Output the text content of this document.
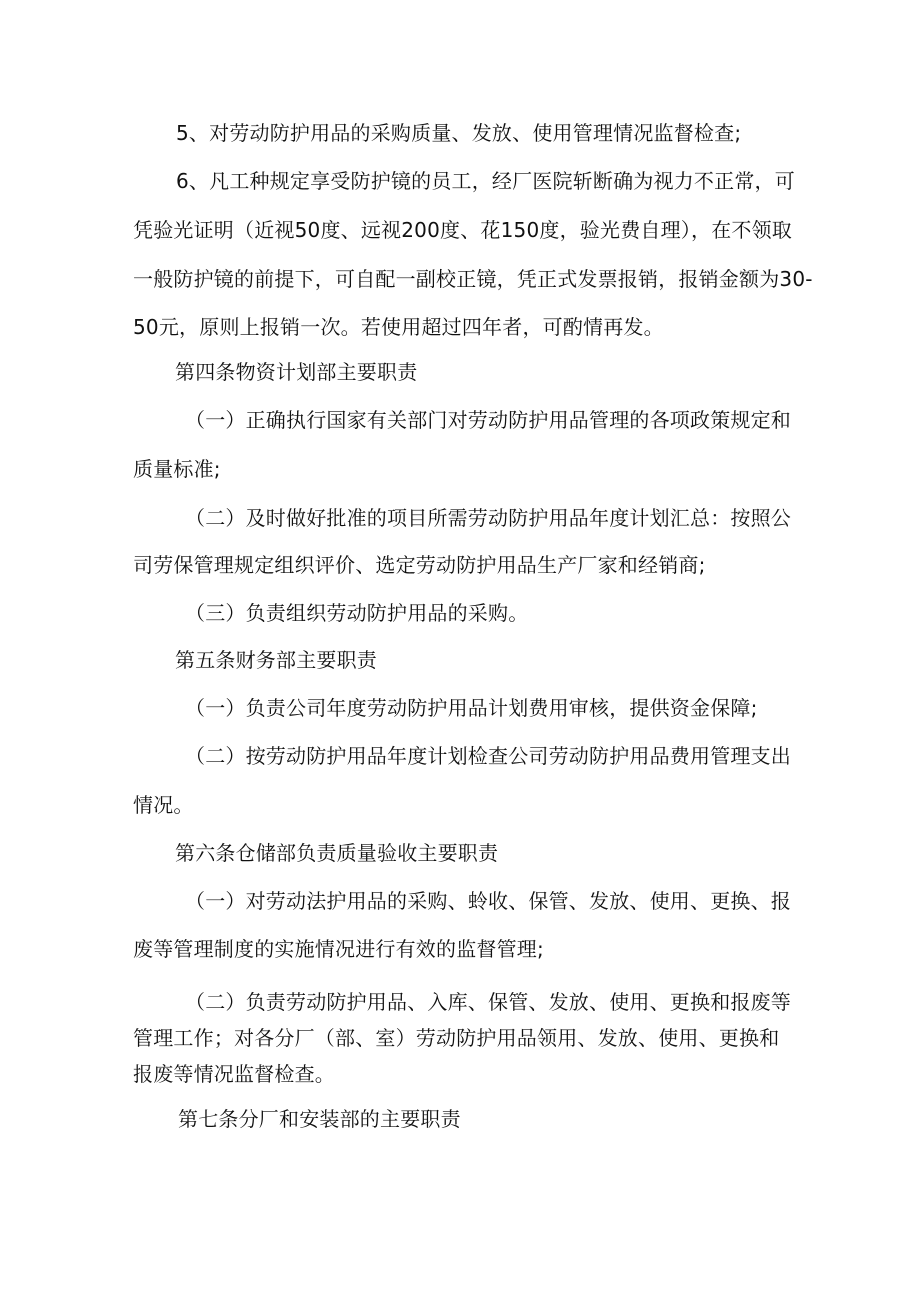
5、对劳动防护用品的采购质量、发放、使用管理情况监督检查;
6、凡工种规定享受防护镜的员工，经厂医院斩断确为视力不正常，可
凭验光证明（近视50度、远视200度、花150度，验光费自理），在不领取
一般防护镜的前提下，可自配一副校正镜，凭正式发票报销，报销金额为30-
50元，原则上报销一次。若使用超过四年者，可酌情再发。
第四条物资计划部主要职责
（一）正确执行国家有关部门对劳动防护用品管理的各项政策规定和
质量标准;
（二）及时做好批准的项目所需劳动防护用品年度计划汇总：按照公
司劳保管理规定组织评价、选定劳动防护用品生产厂家和经销商;
（三）负责组织劳动防护用品的采购。
第五条财务部主要职责
（一）负责公司年度劳动防护用品计划费用审核，提供资金保障;
（二）按劳动防护用品年度计划检查公司劳动防护用品费用管理支出
情况。
第六条仓储部负责质量验收主要职责
（一）对劳动法护用品的采购、蛉收、保管、发放、使用、更换、报
废等管理制度的实施情况进行有效的监督管理;
（二）负责劳动防护用品、入库、保管、发放、使用、更换和报废等
管理工作；对各分厂（部、室）劳动防护用品领用、发放、使用、更换和
报废等情况监督检查。
第七条分厂和安装部的主要职责
